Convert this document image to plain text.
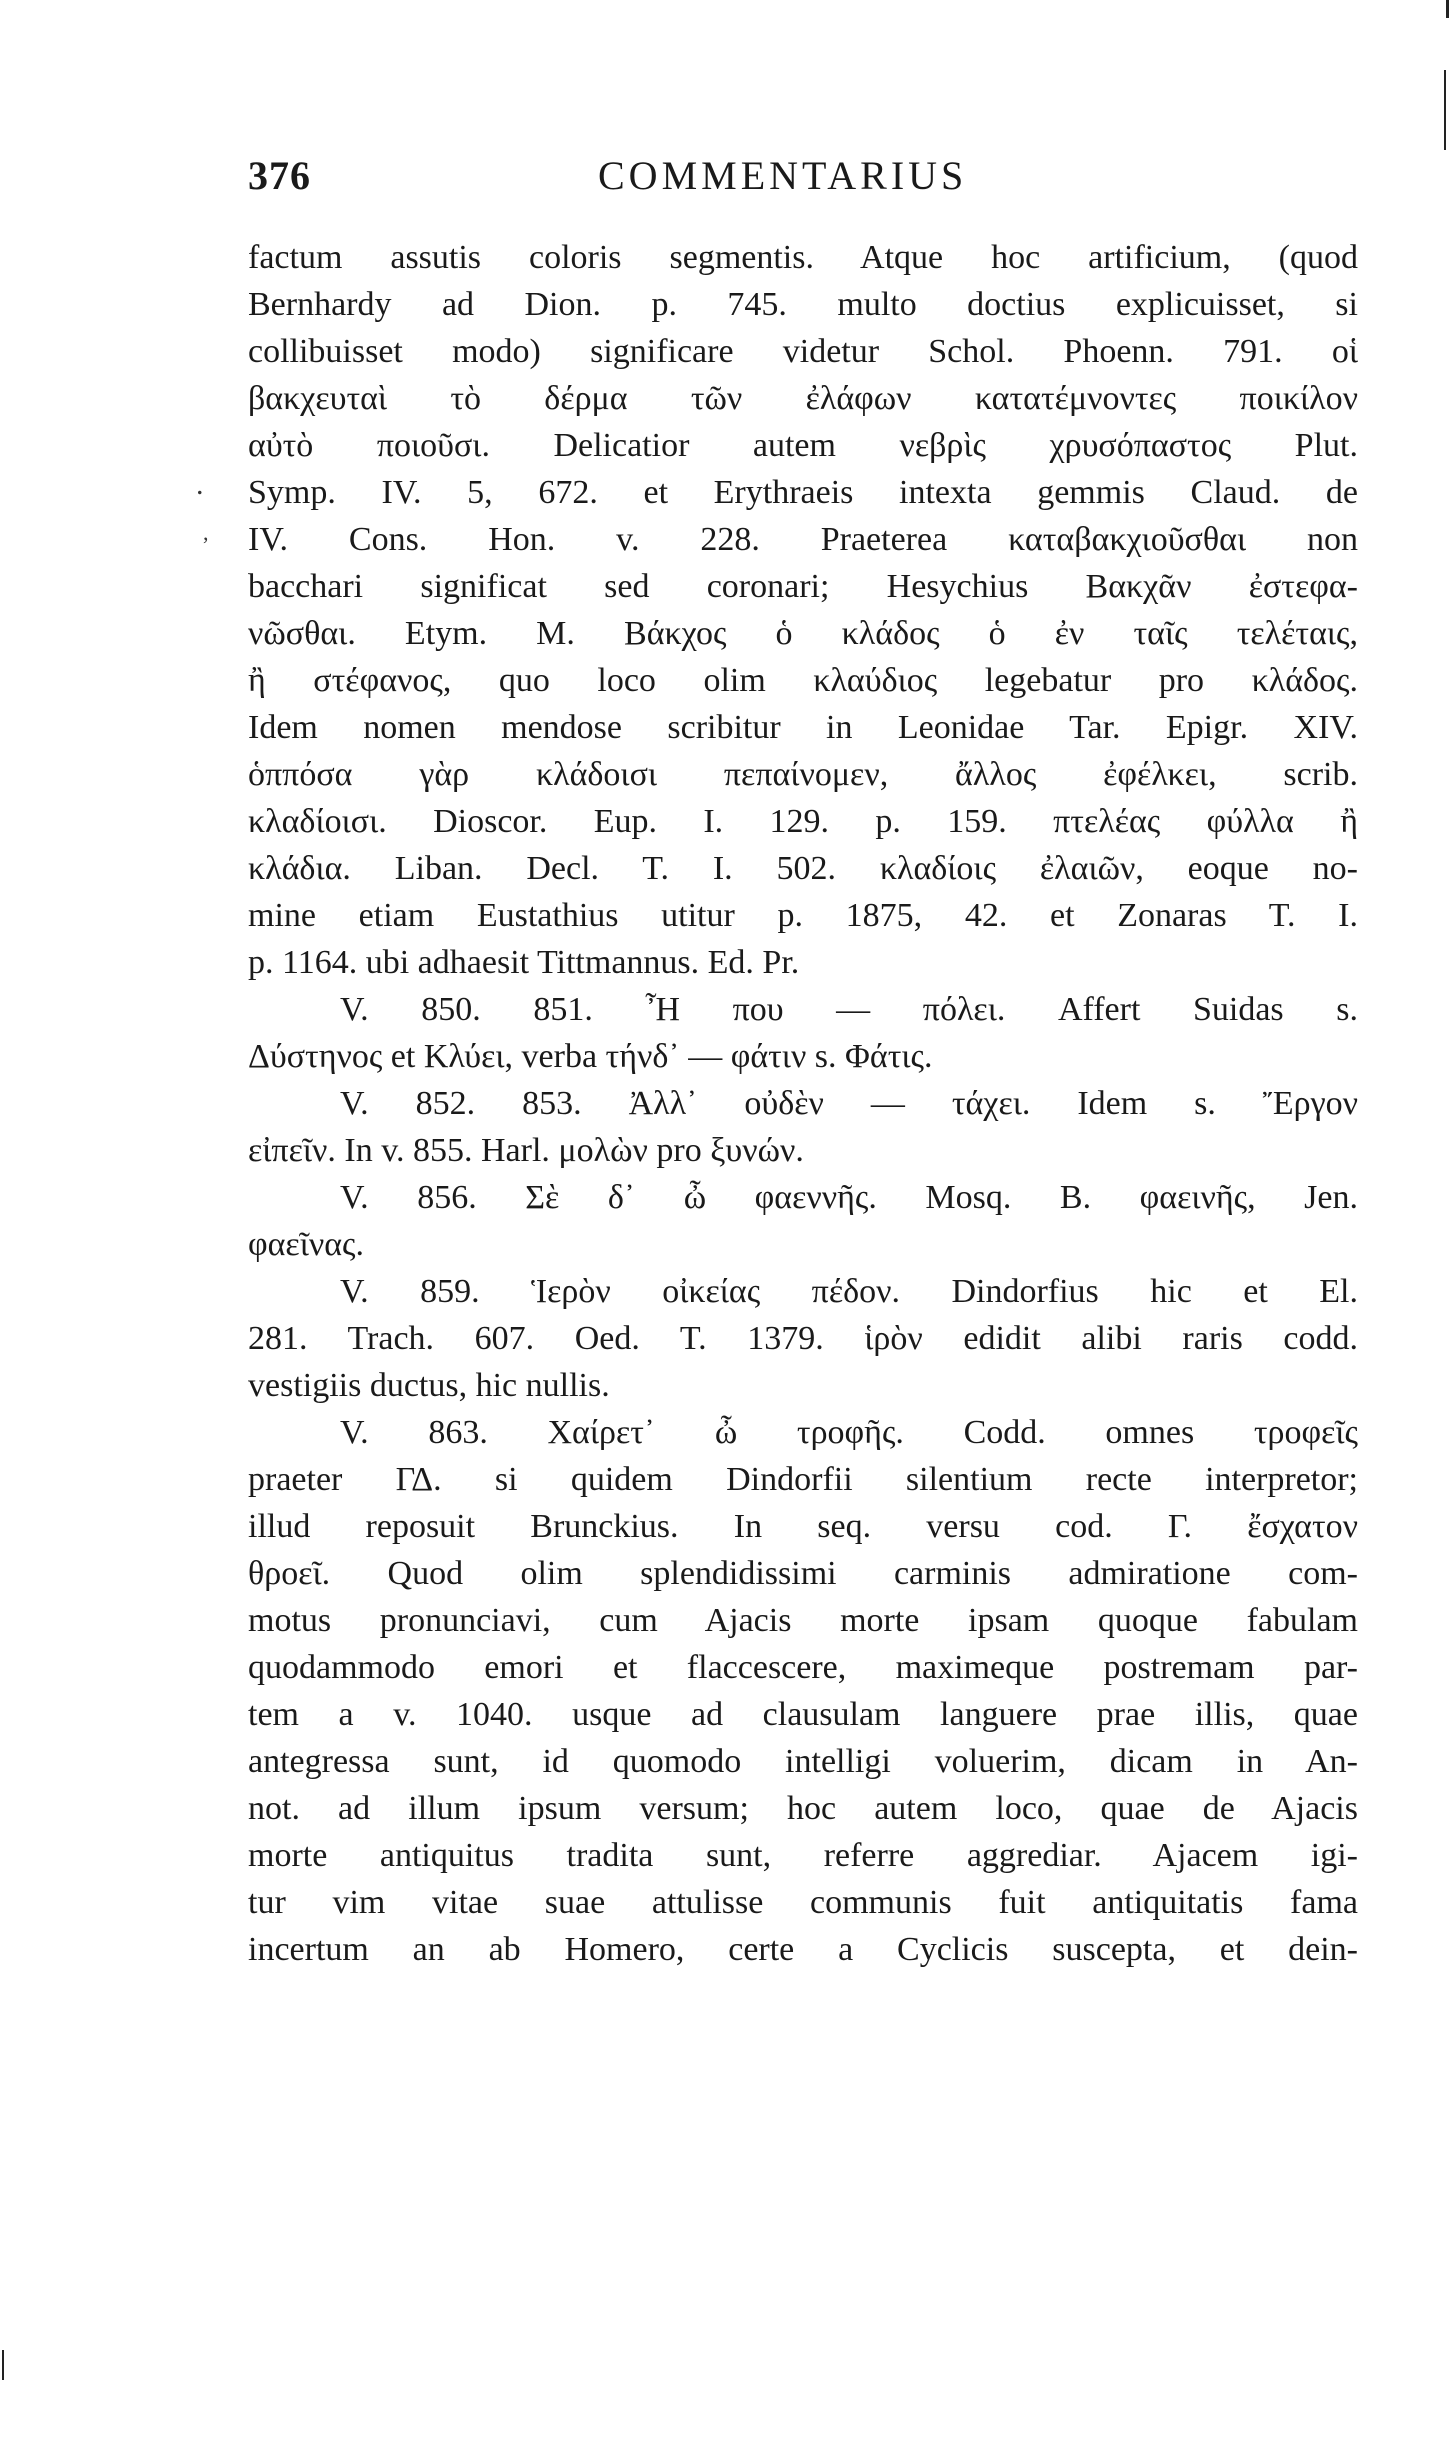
376	COMMENTARIUS
.
,
factum assutis coloris segmentis. Atque hoc artificium, (quod
Bernhardy ad Dion. p. 745. multo doctius explicuisset, si
collibuisset modo) significare videtur Schol. Phoenn. 791. οἱ
βακχευταὶ τὸ δέρμα τῶν ἐλάφων κατατέμνοντες ποικίλον
αὐτὸ ποιοῦσι. Delicatior autem νεβρὶς χρυσόπαστος Plut.
Symp. IV. 5, 672. et Erythraeis intexta gemmis Claud. de
IV. Cons. Hon. v. 228. Praeterea καταβακχιοῦσθαι non
bacchari significat sed coronari; Hesychius Βακχᾶν ἐστεφα-
νῶσθαι. Etym. M. Βάκχος ὁ κλάδος ὁ ἐν ταῖς τελέταις,
ἢ στέφανος, quo loco olim κλαύδιος legebatur pro κλάδος.
Idem nomen mendose scribitur in Leonidae Tar. Epigr. XIV.
ὁππόσα γὰρ κλάδοισι πεπαίνομεν, ἄλλος ἐφέλκει, scrib.
κλαδίοισι. Dioscor. Eup. I. 129. p. 159. πτελέας φύλλα ἢ
κλάδια. Liban. Decl. T. I. 502. κλαδίοις ἐλαιῶν, eoque no-
mine etiam Eustathius utitur p. 1875, 42. et Zonaras T. I.
p. 1164. ubi adhaesit Tittmannus. Ed. Pr.
V. 850. 851. Ἦ που — πόλει. Affert Suidas s.
Δύστηνος et Κλύει, verba τήνδ᾽ — φάτιν s. Φάτις.
V. 852. 853. Ἀλλ᾽ οὐδὲν — τάχει. Idem s. Ἔργον
εἰπεῖν. In v. 855. Harl. μολὼν pro ξυνών.
V. 856. Σὲ δ᾽ ὦ φαεννῆς. Mosq. B. φαεινῆς, Jen.
φαεῖνας.
V. 859. Ἱερὸν οἰκείας πέδον. Dindorfius hic et El.
281. Trach. 607. Oed. T. 1379. ἱρὸν edidit alibi raris codd.
vestigiis ductus, hic nullis.
V. 863. Χαίρετ᾽ ὦ τροφῆς. Codd. omnes τροφεῖς
praeter ΓΔ. si quidem Dindorfii silentium recte interpretor;
illud reposuit Brunckius. In seq. versu cod. Γ. ἔσχατον
θροεῖ. Quod olim splendidissimi carminis admiratione com-
motus pronunciavi, cum Ajacis morte ipsam quoque fabulam
quodammodo emori et flaccescere, maximeque postremam par-
tem a v. 1040. usque ad clausulam languere prae illis, quae
antegressa sunt, id quomodo intelligi voluerim, dicam in An-
not. ad illum ipsum versum; hoc autem loco, quae de Ajacis
morte antiquitus tradita sunt, referre aggrediar. Ajacem igi-
tur vim vitae suae attulisse communis fuit antiquitatis fama
incertum an ab Homero, certe a Cyclicis suscepta, et dein-
